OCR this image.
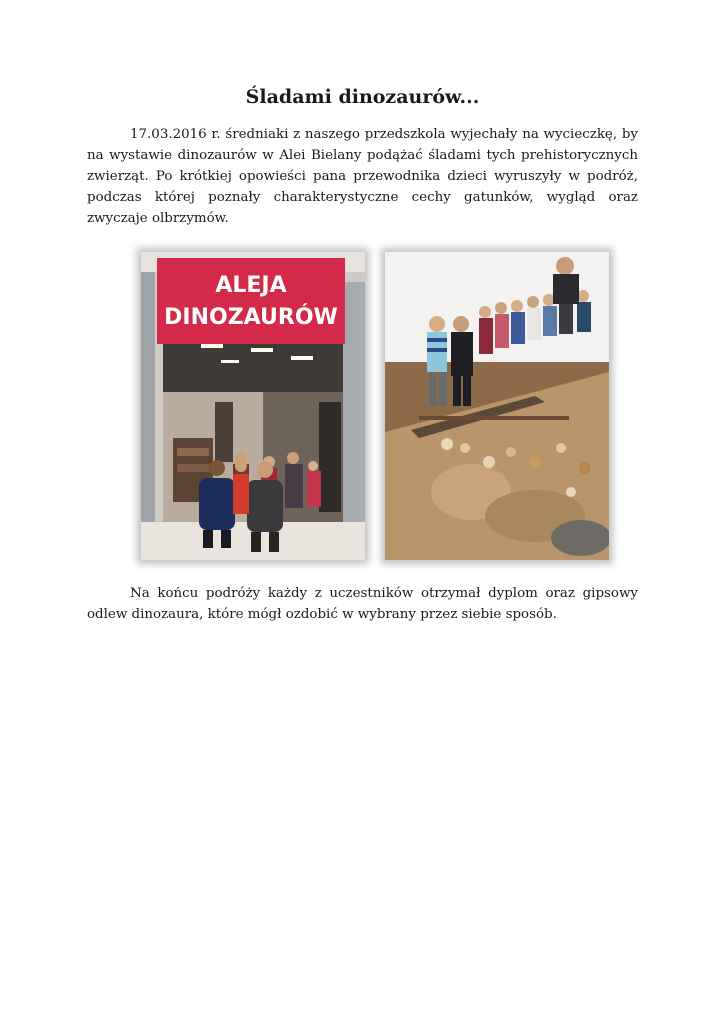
Śladami dinozaurów...

17.03.2016 r. średniaki z naszego przedszkola wyjechały na wycieczkę, by na wystawie dinozaurów w Alei Bielany podążać śladami tych prehistorycznych zwierząt. Po krótkiej opowieści pana przewodnika dzieci wyruszyły w podróż, podczas której poznały charakterystyczne cechy gatunków, wygląd oraz zwyczaje olbrzymów.

ALEJA
DINOZAURÓW

Na końcu podróży każdy z uczestników otrzymał dyplom oraz gipsowy odlew dinozaura, które mógł ozdobić w wybrany przez siebie sposób.
